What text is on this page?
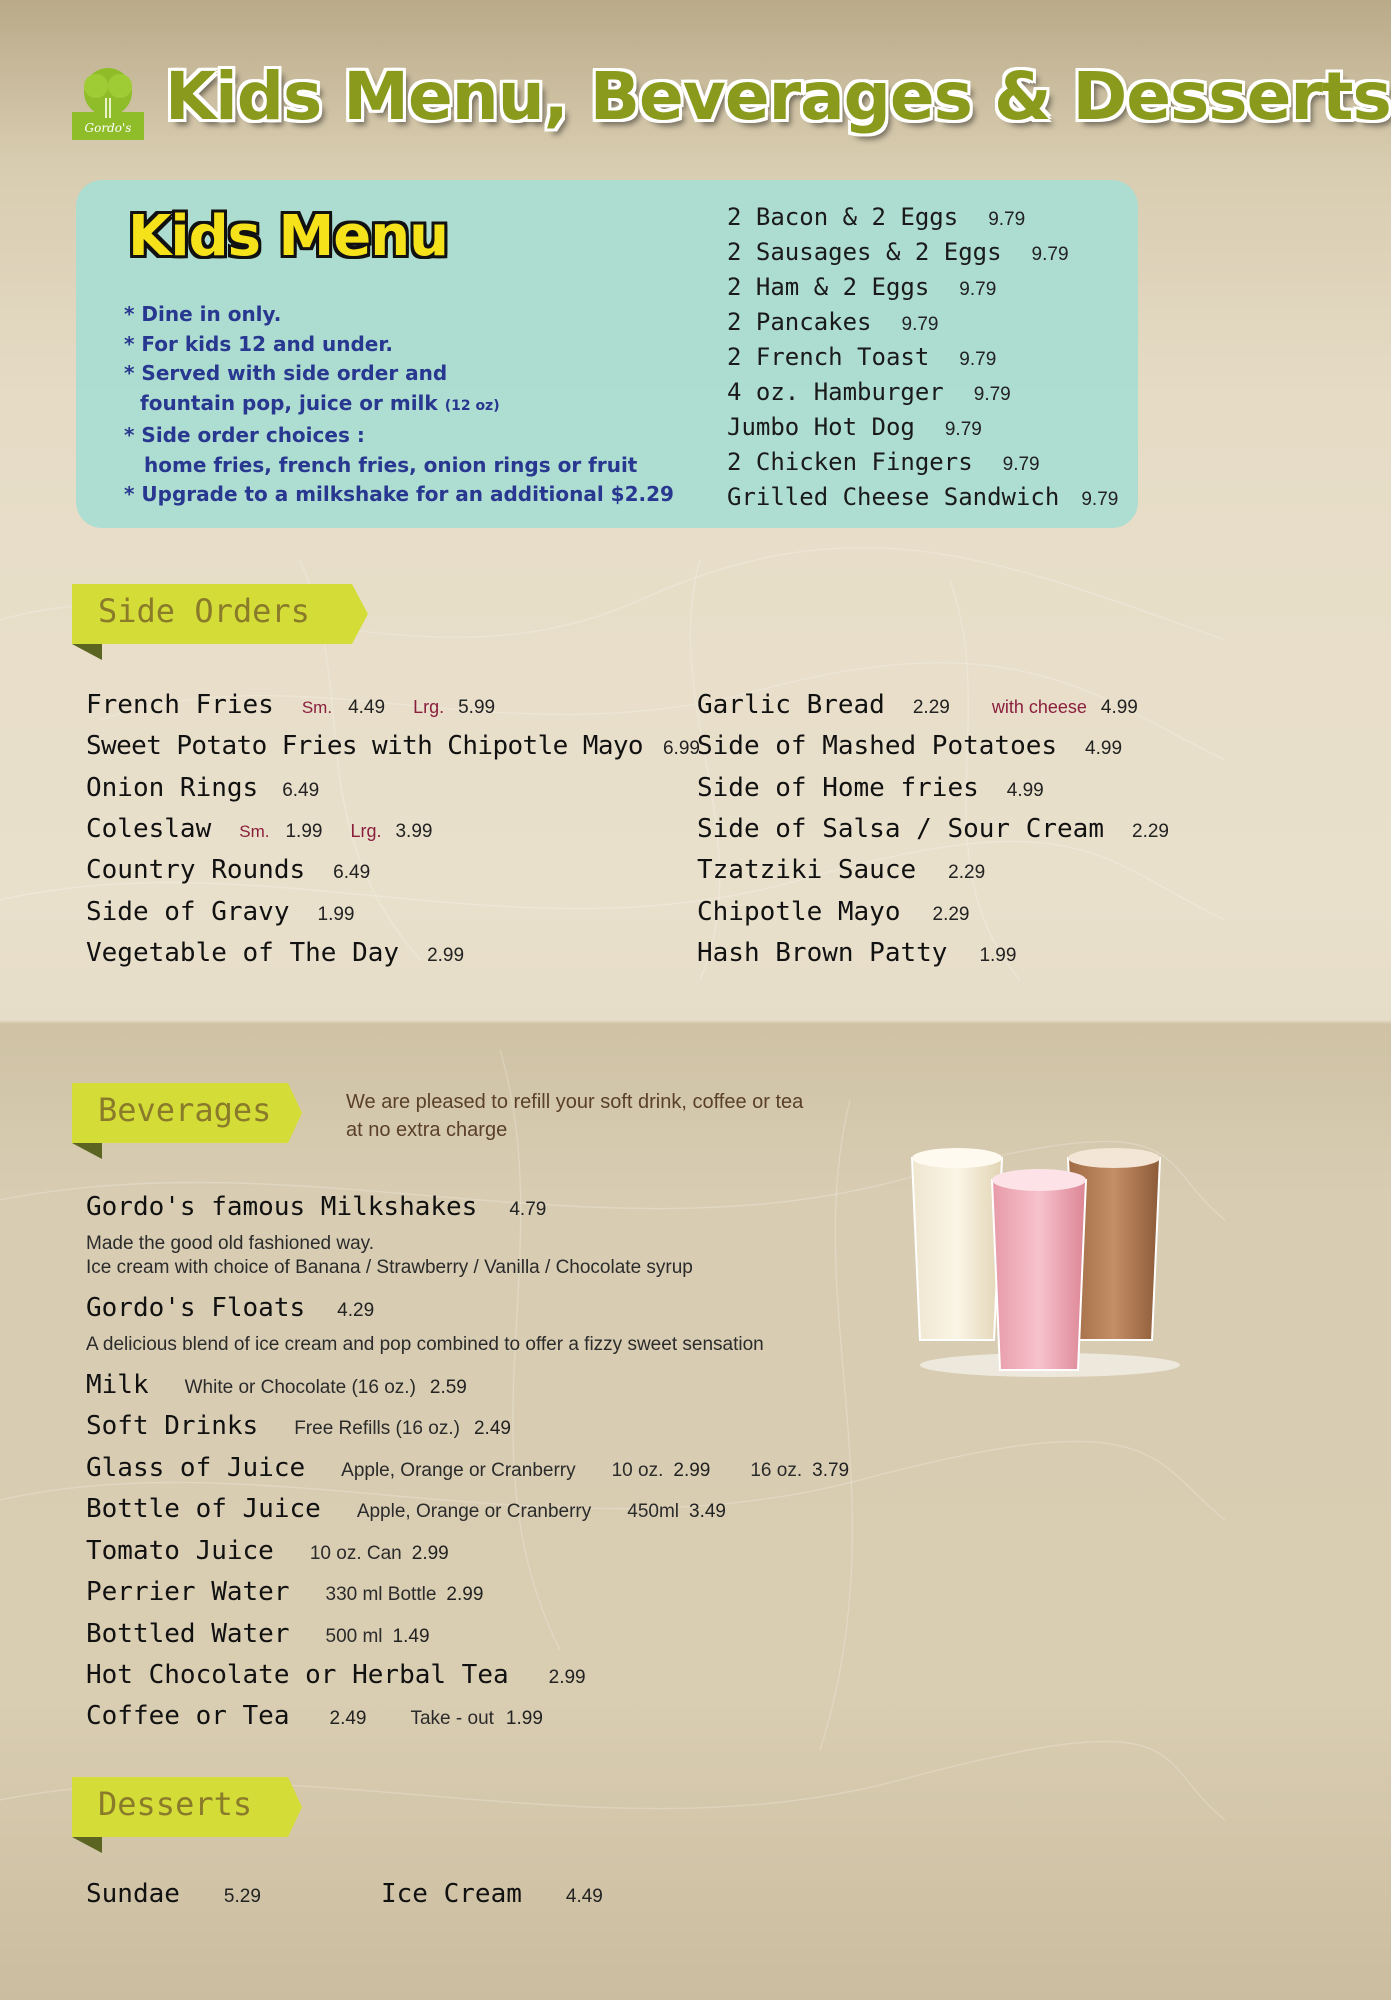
Gordo's Kids Menu, Beverages & Desserts
Kids Menu
* Dine in only.
* For kids 12 and under.
* Served with side order and
fountain pop, juice or milk (12 oz)
* Side order choices :
home fries, french fries, onion rings or fruit
* Upgrade to a milkshake for an additional $2.29
2 Bacon & 2 Eggs 9.79
2 Sausages & 2 Eggs 9.79
2 Ham & 2 Eggs 9.79
2 Pancakes 9.79
2 French Toast 9.79
4 oz. Hamburger 9.79
Jumbo Hot Dog 9.79
2 Chicken Fingers 9.79
Grilled Cheese Sandwich 9.79
Side Orders
French Fries Sm. 4.49 Lrg. 5.99
Sweet Potato Fries with Chipotle Mayo 6.99
Onion Rings 6.49
Coleslaw Sm. 1.99 Lrg. 3.99
Country Rounds 6.49
Side of Gravy 1.99
Vegetable of The Day 2.99
Garlic Bread 2.29 with cheese 4.99
Side of Mashed Potatoes 4.99
Side of Home fries 4.99
Side of Salsa / Sour Cream 2.29
Tzatziki Sauce 2.29
Chipotle Mayo 2.29
Hash Brown Patty 1.99
Beverages	We are pleased to refill your soft drink, coffee or tea
at no extra charge
Gordo's famous Milkshakes 4.79
Made the good old fashioned way.
Ice cream with choice of Banana / Strawberry / Vanilla / Chocolate syrup
Gordo's Floats 4.29
A delicious blend of ice cream and pop combined to offer a fizzy sweet sensation
Milk White or Chocolate (16 oz.) 2.59
Soft Drinks Free Refills (16 oz.) 2.49
Glass of Juice Apple, Orange or Cranberry 10 oz. 2.99 16 oz. 3.79
Bottle of Juice Apple, Orange or Cranberry 450ml 3.49
Tomato Juice 10 oz. Can 2.99
Perrier Water 330 ml Bottle 2.99
Bottled Water 500 ml 1.49
Hot Chocolate or Herbal Tea 2.99
Coffee or Tea 2.49 Take - out 1.99
Desserts
Sundae 5.29	Ice Cream 4.49
